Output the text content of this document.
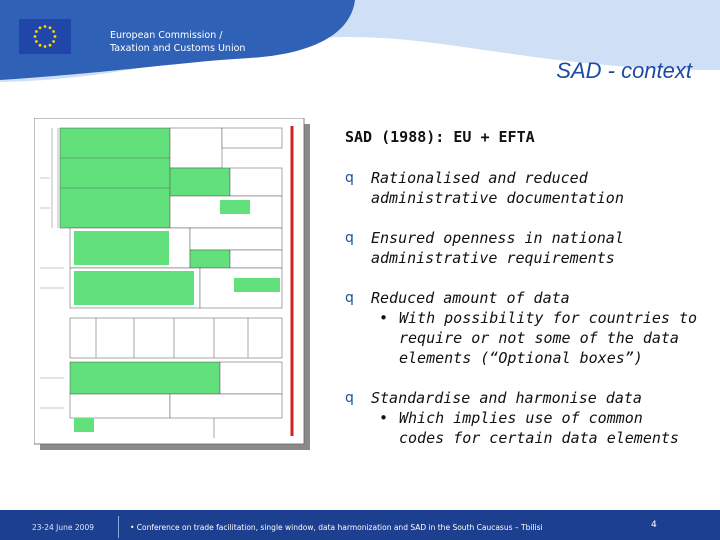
European Commission /
Taxation and Customs Union
SAD - context
SAD (1988): EU + EFTA
q	Rationalised and reduced
administrative documentation
q	Ensured openness in national
administrative requirements
q	Reduced amount of data
• With possibility for countries to
require or not some of the data
elements (“Optional boxes”)
q	Standardise and harmonise data
• Which implies use of common
codes for certain data elements
23-24 June 2009	• Conference on trade facilitation, single window, data harmonization and SAD in the South Caucasus – Tbilisi	4
